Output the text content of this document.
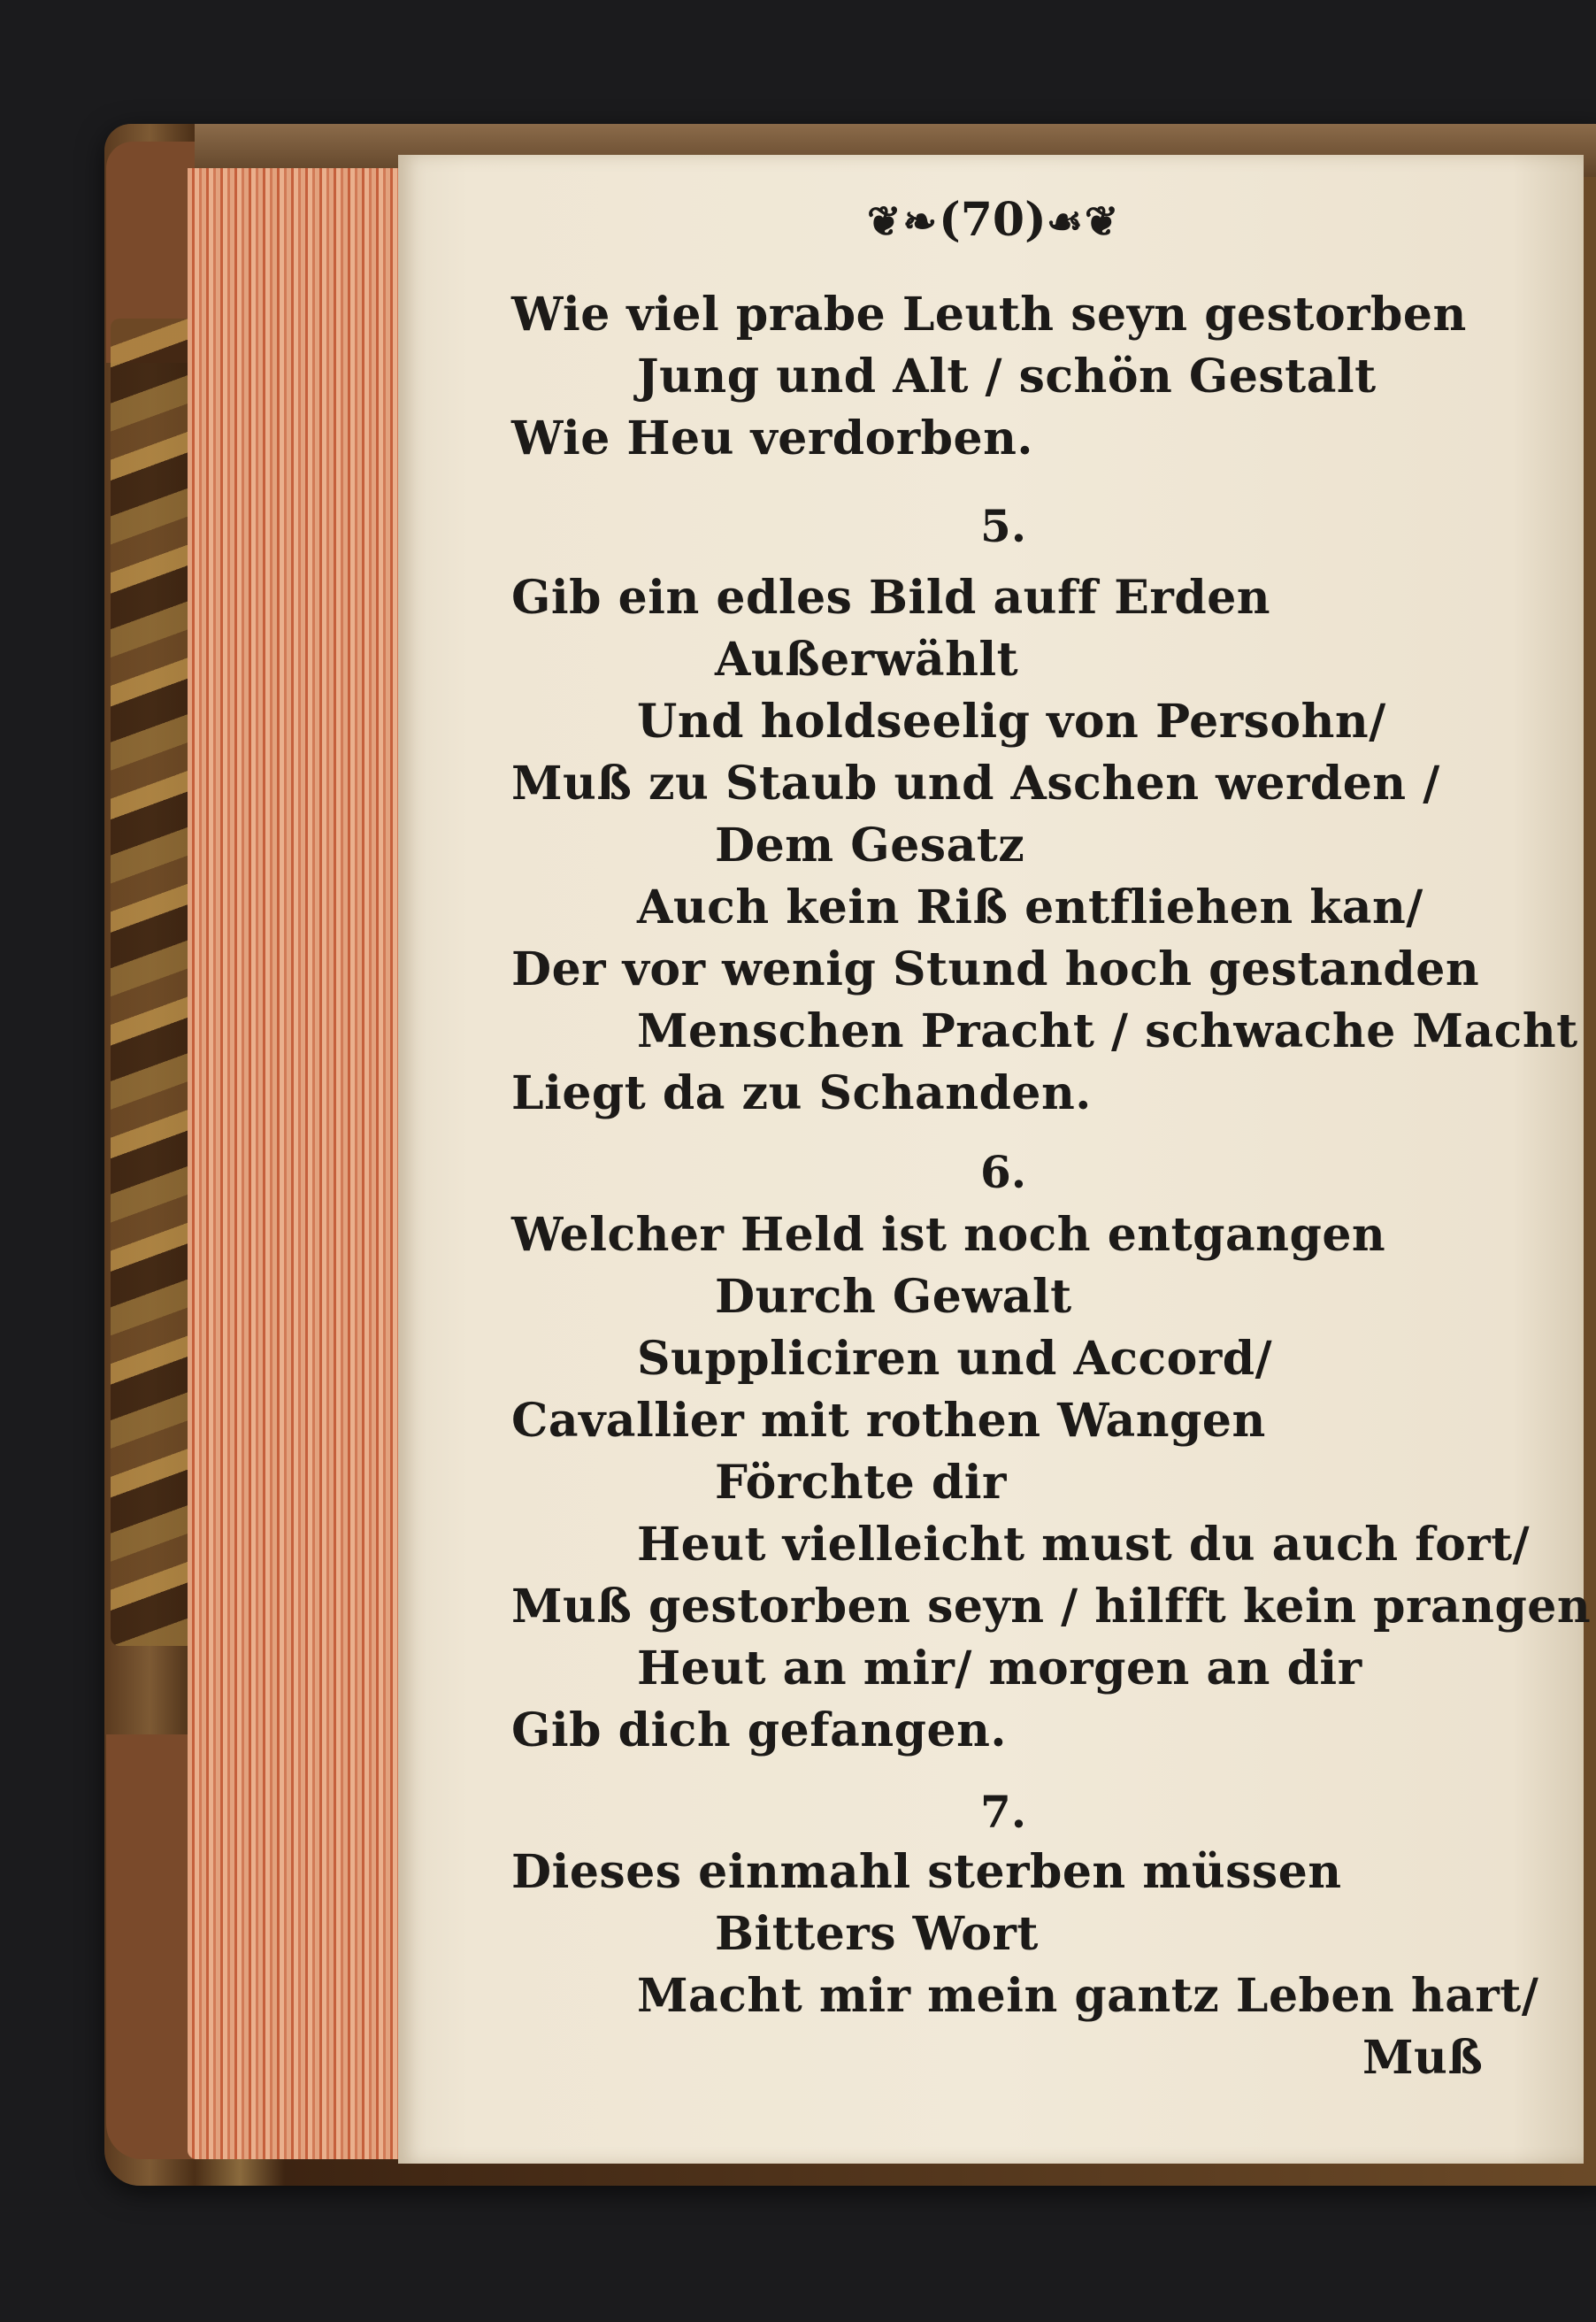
❦❧(70)☙❦
Wie viel prabe Leuth seyn gestorben
Jung und Alt / schön Gestalt
Wie Heu verdorben.
5.
Gib ein edles Bild auff Erden
Außerwählt
Und holdseelig von Persohn/
Muß zu Staub und Aschen werden /
Dem Gesatz
Auch kein Riß entfliehen kan/
Der vor wenig Stund hoch gestanden
Menschen Pracht / schwache Macht
Liegt da zu Schanden.
6.
Welcher Held ist noch entgangen
Durch Gewalt
Suppliciren und Accord/
Cavallier mit rothen Wangen
Förchte dir
Heut vielleicht must du auch fort/
Muß gestorben seyn / hilfft kein prangen
Heut an mir/ morgen an dir
Gib dich gefangen.
7.
Dieses einmahl sterben müssen
Bitters Wort
Macht mir mein gantz Leben hart/
Muß
